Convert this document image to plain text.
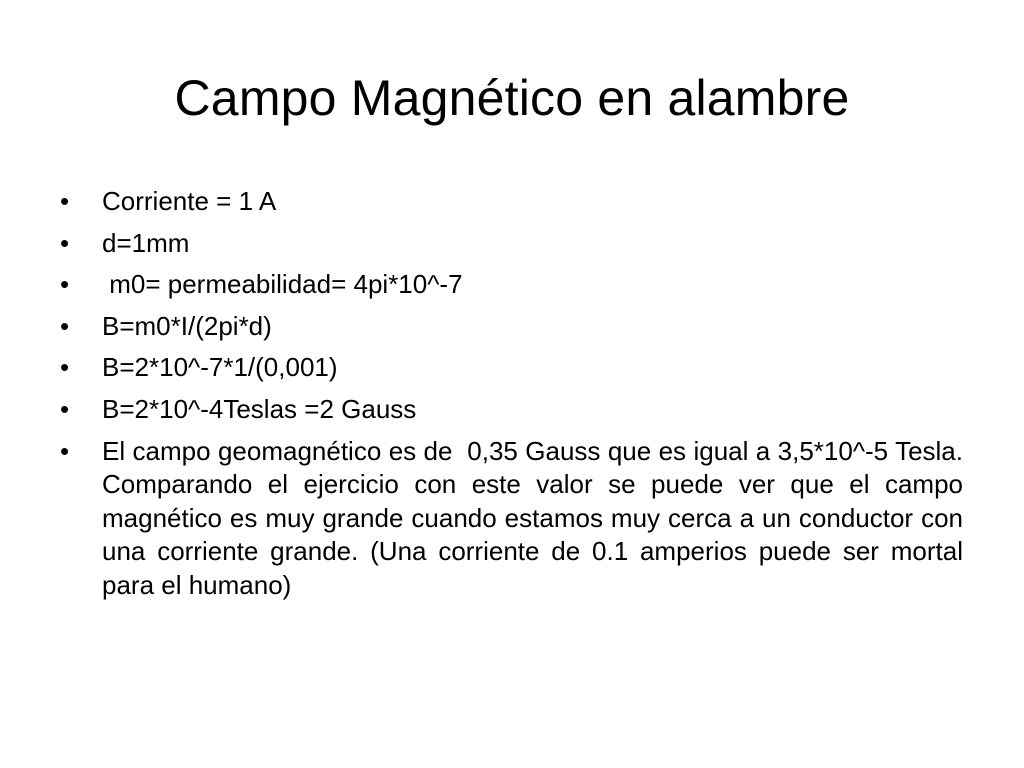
Campo Magnético en alambre
• Corriente = 1 A
• d=1mm
• m0= permeabilidad= 4pi*10^-7
• B=m0*I/(2pi*d)
• B=2*10^-7*1/(0,001)
• B=2*10^-4Teslas =2 Gauss
• El campo geomagnético es de  0,35 Gauss que es igual a 3,5*10^-5 Tesla. Comparando el ejercicio con este valor se puede ver que el campo magnético es muy grande cuando estamos muy cerca a un conductor con una corriente grande. (Una corriente de 0.1 amperios puede ser mortal para el humano)
